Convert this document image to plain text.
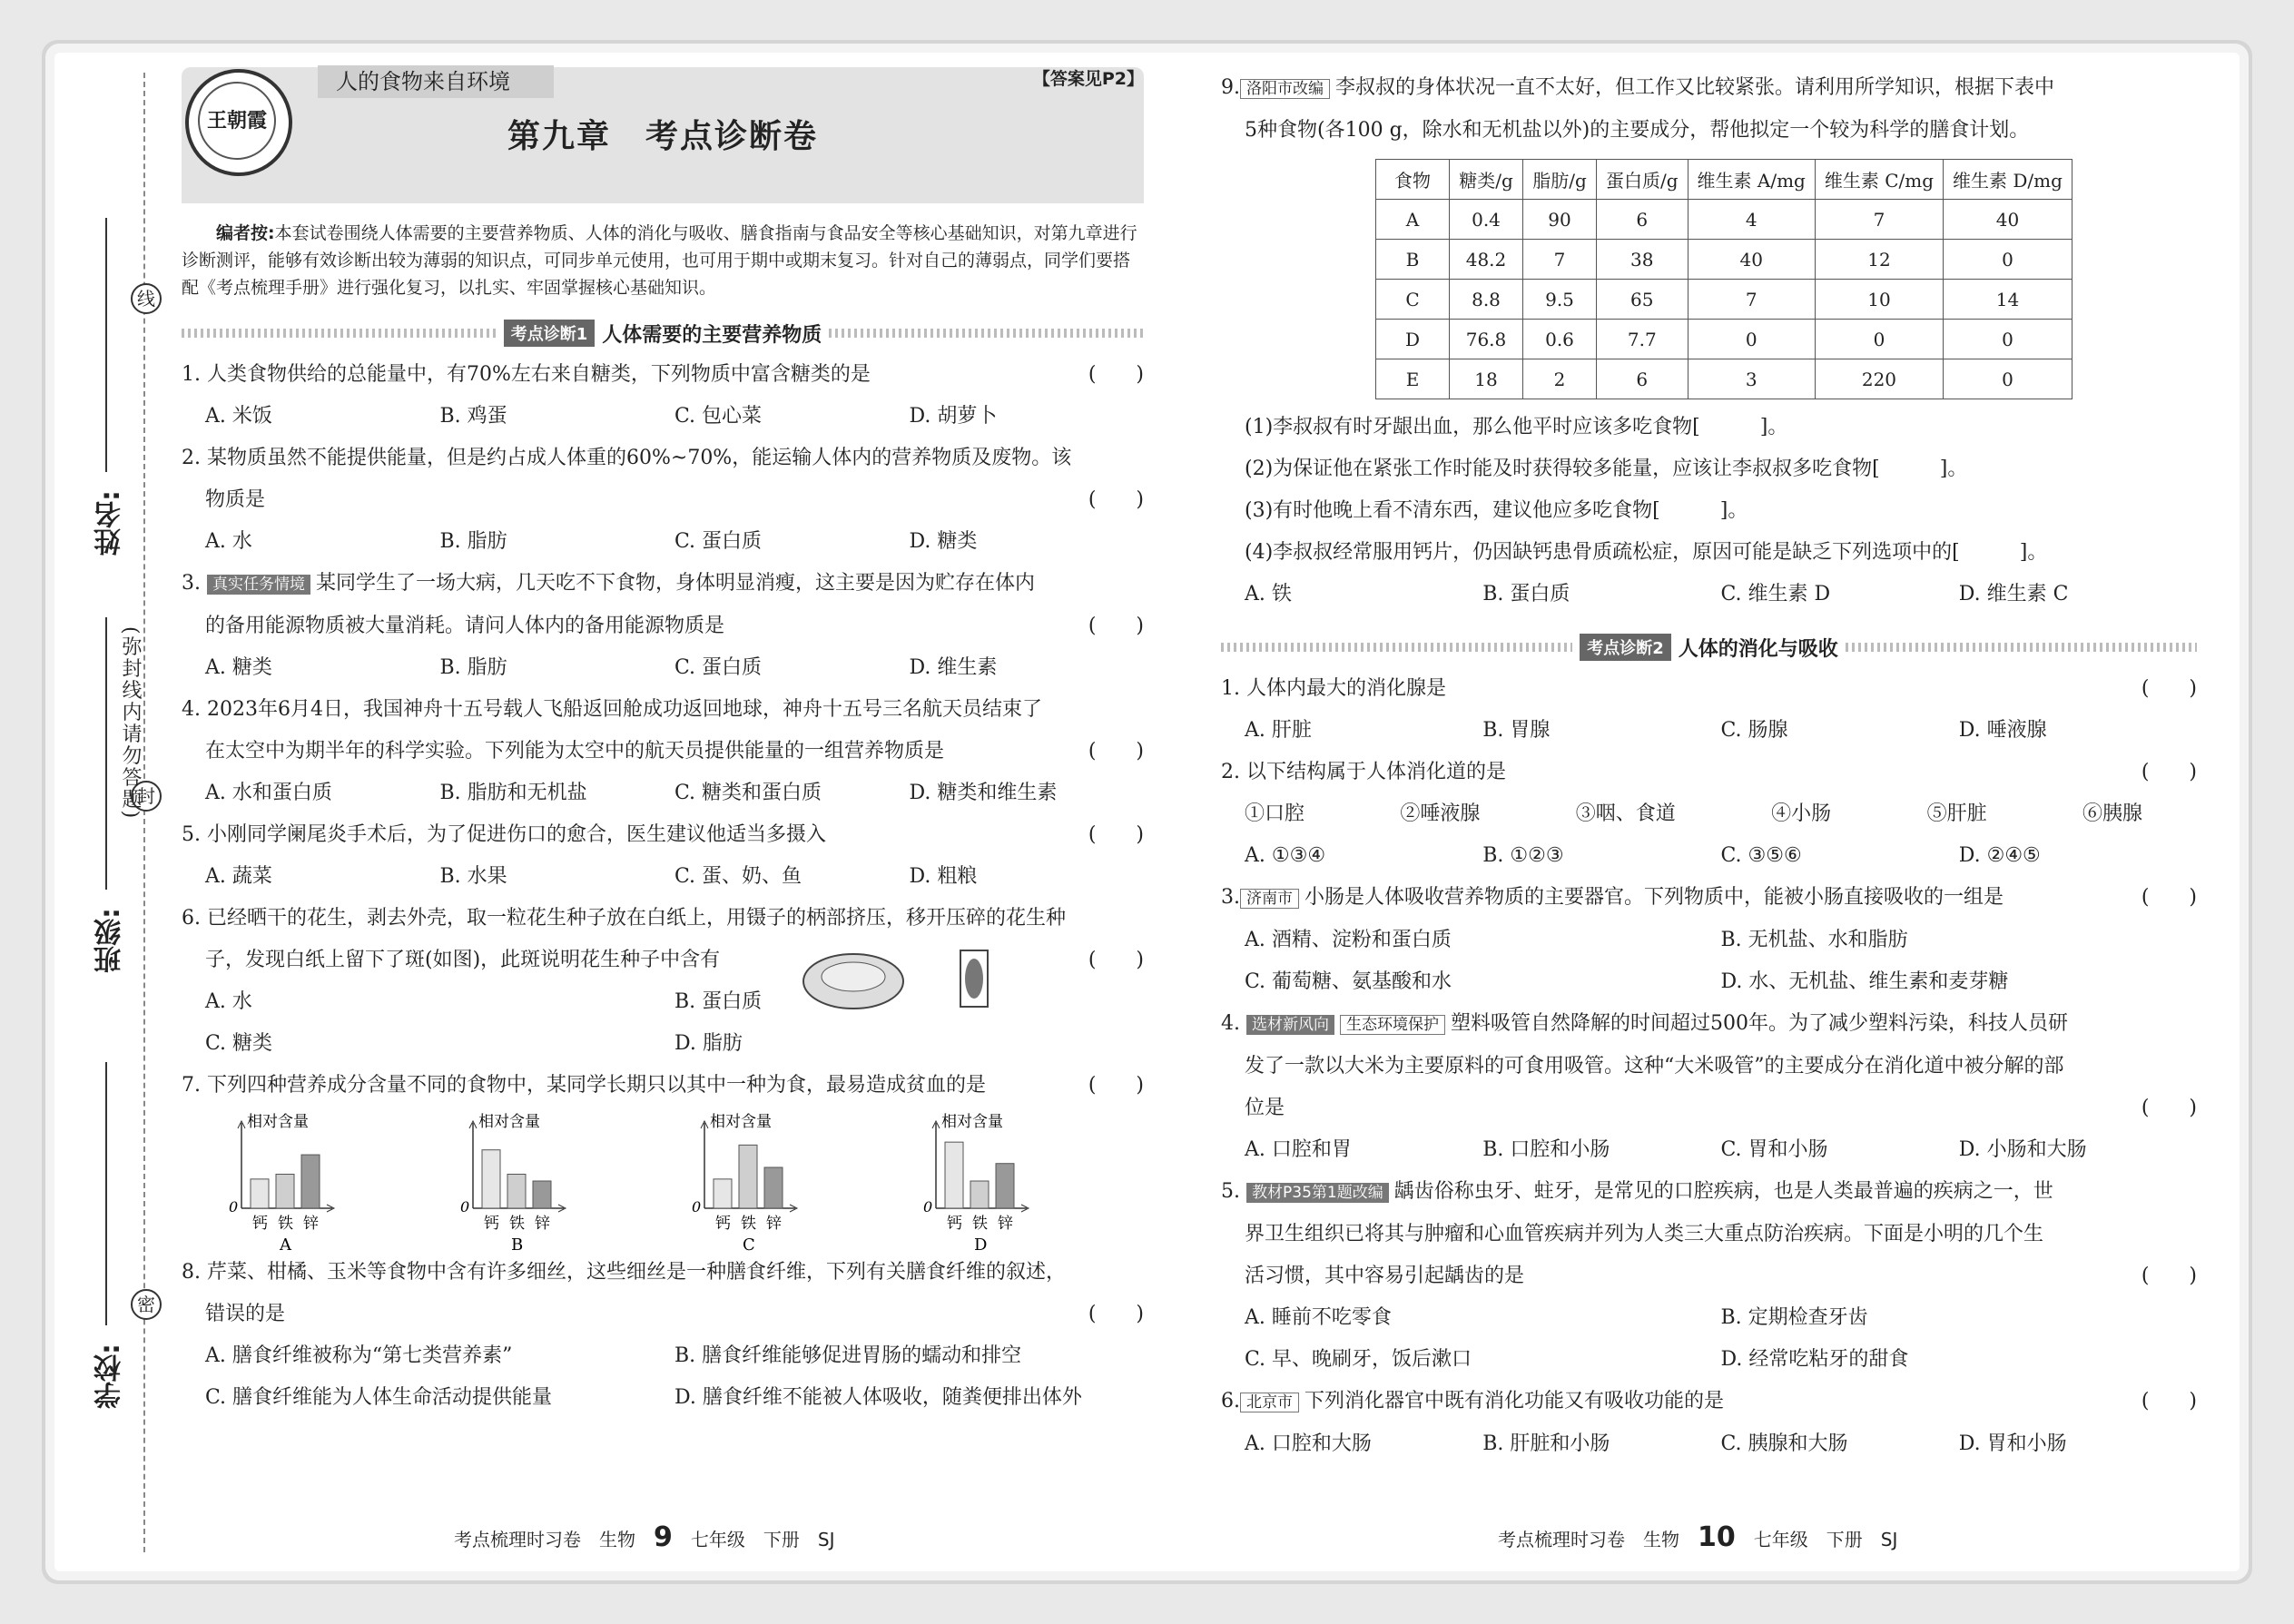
线
封
密
学校:
班级:
姓名:
(弥封线内请勿答题)
王朝霞
人的食物来自环境	【答案见P2】
第九章　考点诊断卷
编者按:本套试卷围绕人体需要的主要营养物质、人体的消化与吸收、膳食指南与食品安全等核心基础知识，对第九章进行诊断测评，能够有效诊断出较为薄弱的知识点，可同步单元使用，也可用于期中或期末复习。针对自己的薄弱点，同学们要搭配《考点梳理手册》进行强化复习，以扎实、牢固掌握核心基础知识。
考点诊断1 人体需要的主要营养物质
1. 人类食物供给的总能量中，有70%左右来自糖类，下列物质中富含糖类的是	(　　)
A. 米饭	B. 鸡蛋	C. 包心菜	D. 胡萝卜
2. 某物质虽然不能提供能量，但是约占成人体重的60%~70%，能运输人体内的营养物质及废物。该
物质是	(　　)
A. 水	B. 脂肪	C. 蛋白质	D. 糖类
3. 真实任务情境 某同学生了一场大病，几天吃不下食物，身体明显消瘦，这主要是因为贮存在体内
的备用能源物质被大量消耗。请问人体内的备用能源物质是	(　　)
A. 糖类	B. 脂肪	C. 蛋白质	D. 维生素
4. 2023年6月4日，我国神舟十五号载人飞船返回舱成功返回地球，神舟十五号三名航天员结束了
在太空中为期半年的科学实验。下列能为太空中的航天员提供能量的一组营养物质是	(　　)
A. 水和蛋白质	B. 脂肪和无机盐	C. 糖类和蛋白质	D. 糖类和维生素
5. 小刚同学阑尾炎手术后，为了促进伤口的愈合，医生建议他适当多摄入	(　　)
A. 蔬菜	B. 水果	C. 蛋、奶、鱼	D. 粗粮
6. 已经晒干的花生，剥去外壳，取一粒花生种子放在白纸上，用镊子的柄部挤压，移开压碎的花生种
子，发现白纸上留下了斑(如图)，此斑说明花生种子中含有	(　　)
A. 水	B. 蛋白质
C. 糖类	D. 脂肪
7. 下列四种营养成分含量不同的食物中，某同学长期只以其中一种为食，最易造成贫血的是	(　　)
相对含量
0
钙 铁 锌
A
相对含量
0
钙 铁 锌
B
相对含量
0
钙 铁 锌
C
相对含量
0
钙 铁 锌
D
8. 芹菜、柑橘、玉米等食物中含有许多细丝，这些细丝是一种膳食纤维，下列有关膳食纤维的叙述，
错误的是	(　　)
A. 膳食纤维被称为“第七类营养素”	B. 膳食纤维能够促进胃肠的蠕动和排空
C. 膳食纤维能为人体生命活动提供能量	D. 膳食纤维不能被人体吸收，随粪便排出体外
9. 洛阳市改编 李叔叔的身体状况一直不太好，但工作又比较紧张。请利用所学知识，根据下表中
5种食物(各100 g，除水和无机盐以外)的主要成分，帮他拟定一个较为科学的膳食计划。
食物	糖类/g	脂肪/g	蛋白质/g	维生素 A/mg	维生素 C/mg	维生素 D/mg
A	0.4	90	6	4	7	40
B	48.2	7	38	40	12	0
C	8.8	9.5	65	7	10	14
D	76.8	0.6	7.7	0	0	0
E	18	2	6	3	220	0
(1)李叔叔有时牙龈出血，那么他平时应该多吃食物[　　　]。
(2)为保证他在紧张工作时能及时获得较多能量，应该让李叔叔多吃食物[　　　]。
(3)有时他晚上看不清东西，建议他应多吃食物[　　　]。
(4)李叔叔经常服用钙片，仍因缺钙患骨质疏松症，原因可能是缺乏下列选项中的[　　　]。
A. 铁	B. 蛋白质	C. 维生素 D	D. 维生素 C
考点诊断2 人体的消化与吸收
1. 人体内最大的消化腺是	(　　)
A. 肝脏	B. 胃腺	C. 肠腺	D. 唾液腺
2. 以下结构属于人体消化道的是	(　　)
①口腔	②唾液腺	③咽、食道	④小肠	⑤肝脏	⑥胰腺
A. ①③④	B. ①②③	C. ③⑤⑥	D. ②④⑤
3. 济南市 小肠是人体吸收营养物质的主要器官。下列物质中，能被小肠直接吸收的一组是	(　　)
A. 酒精、淀粉和蛋白质	B. 无机盐、水和脂肪
C. 葡萄糖、氨基酸和水	D. 水、无机盐、维生素和麦芽糖
4. 选材新风向 生态环境保护 塑料吸管自然降解的时间超过500年。为了减少塑料污染，科技人员研
发了一款以大米为主要原料的可食用吸管。这种“大米吸管”的主要成分在消化道中被分解的部
位是	(　　)
A. 口腔和胃	B. 口腔和小肠	C. 胃和小肠	D. 小肠和大肠
5. 教材P35第1题改编 龋齿俗称虫牙、蛀牙，是常见的口腔疾病，也是人类最普遍的疾病之一，世
界卫生组织已将其与肿瘤和心血管疾病并列为人类三大重点防治疾病。下面是小明的几个生
活习惯，其中容易引起龋齿的是	(　　)
A. 睡前不吃零食	B. 定期检查牙齿
C. 早、晚刷牙，饭后漱口	D. 经常吃粘牙的甜食
6. 北京市 下列消化器官中既有消化功能又有吸收功能的是	(　　)
A. 口腔和大肠	B. 肝脏和小肠	C. 胰腺和大肠	D. 胃和小肠
考点梳理时习卷　生物 9 七年级　下册　SJ	考点梳理时习卷　生物 10 七年级　下册　SJ
